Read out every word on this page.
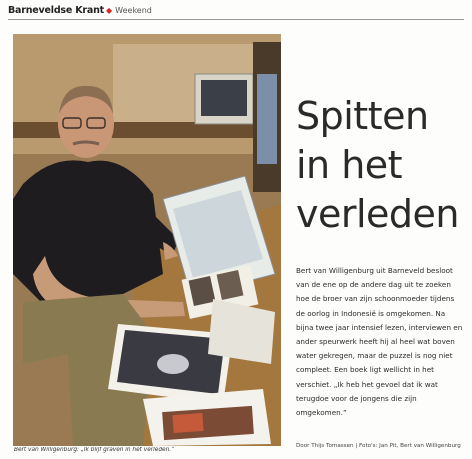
Barneveldse Krant ◆ Weekend
Bert van Willigenburg: „Ik blijf graven in het verleden.”
Spitten
in het
verleden

Bert van Willigenburg uit Barneveld besloot van de ene op de andere dag uit te zoeken hoe de broer van zijn schoonmoeder tijdens de oorlog in Indonesië is omgekomen. Na bijna twee jaar intensief lezen, interviewen en ander speurwerk heeft hij al heel wat boven water gekregen, maar de puzzel is nog niet compleet. Een boek ligt wellicht in het verschiet. „Ik heb het gevoel dat ik wat terugdoe voor de jongens die zijn omgekomen.”

Door Thijs Tomassen | Foto's: Jan Pit, Bert van Willigenburg
